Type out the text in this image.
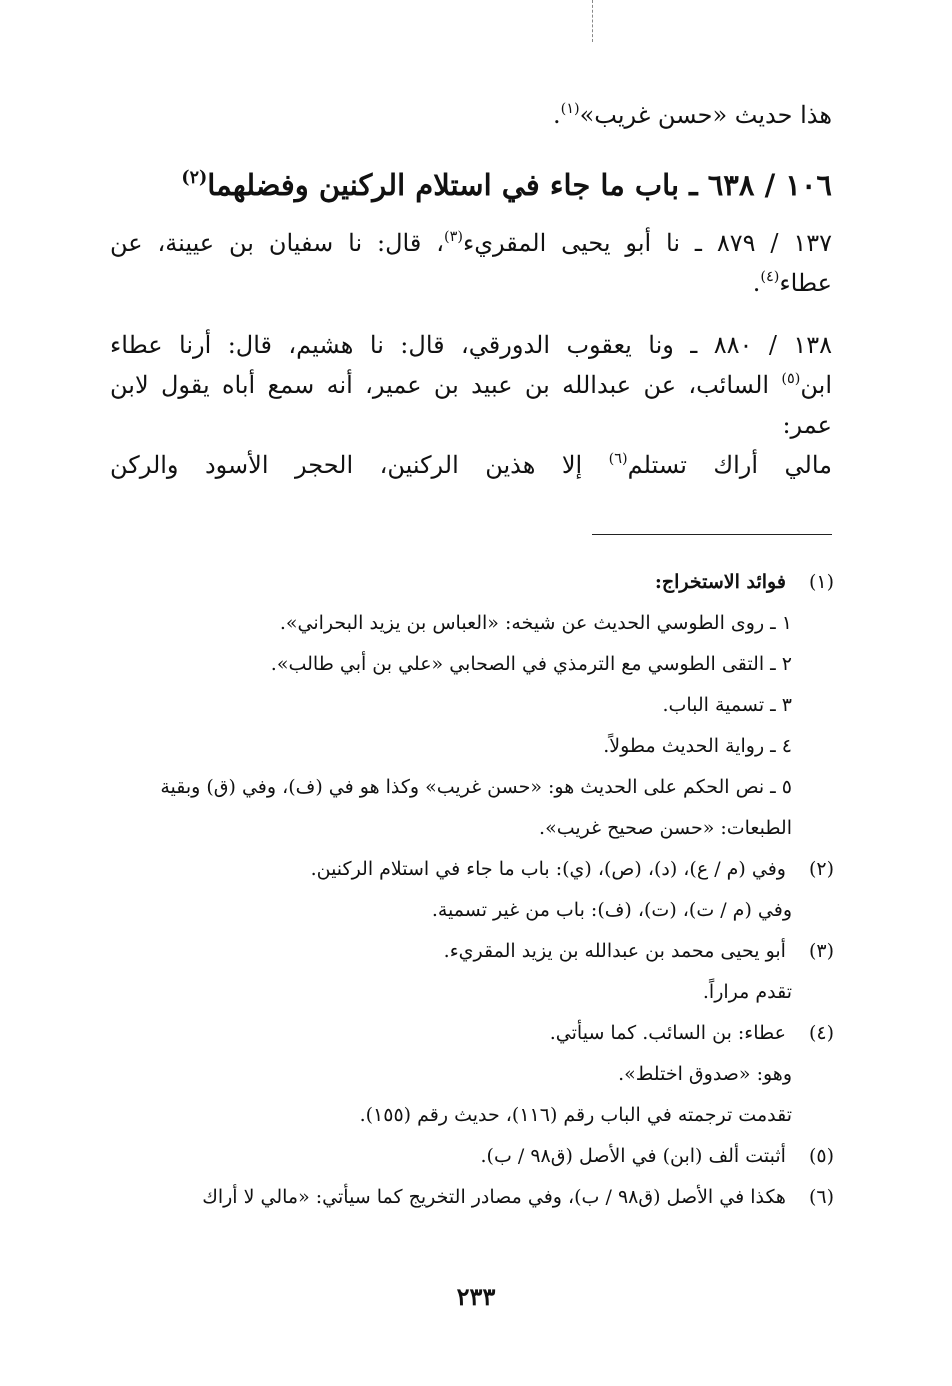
هذا حديث «حسن غريب»$^{(١)}$.

١٠٦ / ٦٣٨ ـ باب ما جاء في استلام الركنين وفضلهما$^{(٢)}$

١٣٧ / ٨٧٩ ـ نا أبو يحيى المقريء$^{(٣)}$، قال: نا سفيان بن عيينة، عن

عطاء$^{(٤)}$.

١٣٨ / ٨٨٠ ـ ونا يعقوب الدورقي، قال: نا هشيم، قال: أرنا عطاء

ابن$^{(٥)}$ السائب، عن عبدالله بن عبيد بن عمير، أنه سمع أباه يقول لابن عمر:

مالي أراك تستلم$^{(٦)}$ إلا هذين الركنين، الحجر الأسود والركن

(١) فوائد الاستخراج:

١ ـ روى الطوسي الحديث عن شيخه: «العباس بن يزيد البحراني».

٢ ـ التقى الطوسي مع الترمذي في الصحابي «علي بن أبي طالب».

٣ ـ تسمية الباب.

٤ ـ رواية الحديث مطولاً.

٥ ـ نص الحكم على الحديث هو: «حسن غريب» وكذا هو في (ف)، وفي (ق) وبقية

الطبعات: «حسن صحيح غريب».

(٢) وفي (م / ع)، (د)، (ص)، (ي): باب ما جاء في استلام الركنين.

وفي (م / ت)، (ت)، (ف): باب من غير تسمية.

(٣) أبو يحيى محمد بن عبدالله بن يزيد المقريء.

تقدم مراراً.

(٤) عطاء: بن السائب. كما سيأتي.

وهو: «صدوق اختلط».

تقدمت ترجمته في الباب رقم (١١٦)، حديث رقم (١٥٥).

(٥) أثبتت ألف (ابن) في الأصل (ق٩٨ / ب).

(٦) هكذا في الأصل (ق٩٨ / ب)، وفي مصادر التخريج كما سيأتي: «مالي لا أراك

٢٣٣
